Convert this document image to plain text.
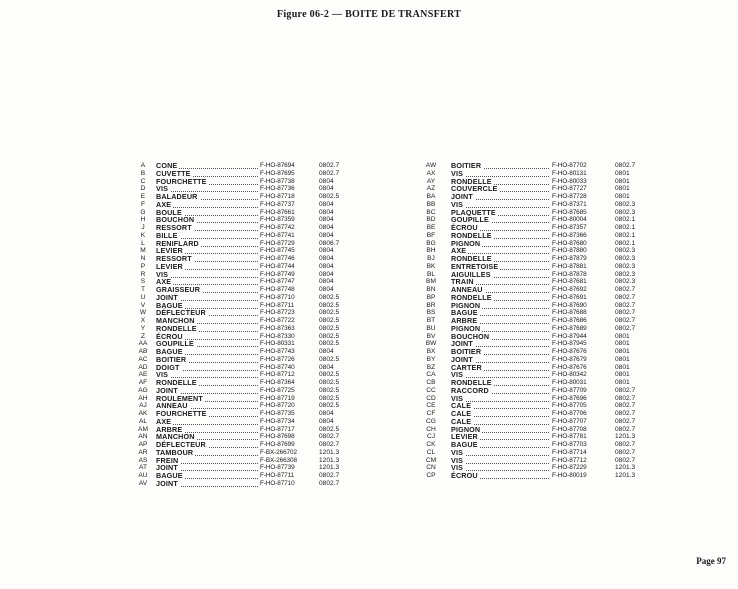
Figure 06-2 — BOITE DE TRANSFERT
A	CONE	F-HO-87694	0802.7
B	CUVETTE	F-HO-87695	0802.7
C	FOURCHETTE	F-HO-87738	0804
D	VIS	F-HO-87736	0804
E	BALADEUR	F-HO-87718	0802.5
F	AXE	F-HO-87737	0804
G	BOULE	F-HO-87661	0804
H	BOUCHON	F-HO-87359	0804
J	RESSORT	F-HO-87742	0804
K	BILLE	F-HO-87741	0804
L	RENIFLARD	F-HO-87729	0806.7
M	LEVIER	F-HO-87745	0804
N	RESSORT	F-HO-87746	0804
P	LEVIER	F-HO-87744	0804
R	VIS	F-HO-87749	0804
S	AXE	F-HO-87747	0804
T	GRAISSEUR	F-HO-87748	0804
U	JOINT	F-HO-87710	0802.5
V	BAGUE	F-HO-87711	0802.5
W	DÉFLECTEUR	F-HO-87723	0802.5
X	MANCHON	F-HO-87722	0802.5
Y	RONDELLE	F-HO-87363	0802.5
Z	ÉCROU	F-HO-87330	0802.5
AA	GOUPILLE	F-HO-80331	0802.5
AB	BAGUE	F-HO-87743	0804
AC	BOITIER	F-HO-87726	0802.5
AD	DOIGT	F-HO-87740	0804
AE	VIS	F-HO-87712	0802.5
AF	RONDELLE	F-HO-87364	0802.5
AG	JOINT	F-HO-87725	0802.5
AH	ROULEMENT	F-HO-87719	0802.5
AJ	ANNEAU	F-HO-87720	0802.5
AK	FOURCHETTE	F-HO-87735	0804
AL	AXE	F-HO-87734	0804
AM ARBRE	F-HO-87717	0802.5
AN	MANCHON	F-HO-87698	0802.7
AP	DÉFLECTEUR	F-HO-87699	0802.7
AR	TAMBOUR	F-BX-266702	1201.3
AS	FREIN	F-BX-266308	1201.3
AT	JOINT	F-HO-87739	1201.3
AU	BAGUE	F-HO-87711	0802.7
AV	JOINT	F-HO-87710	0802.7
AW BOITIER	F-HO-87702	0802.7
AX	VIS	F-HO-80131	0801
AY	RONDELLE	F-HO-80033	0801
AZ	COUVERCLE	F-HO-87727	0801
BA	JOINT	F-HO-87728	0801
BB	VIS	F-HO-87371	0802.3
BC	PLAQUETTE	F-HO-87685	0802.3
BD	GOUPILLE	F-HO-80004	0802.1
BE	ÉCROU	F-HO-87357	0802.1
BF	RONDELLE	F-HO-87366	0802.1
BG	PIGNON	F-HO-87680	0802.1
BH	AXE	F-HO-87880	0802.3
BJ	RONDELLE	F-HO-87879	0802.3
BK	ENTRETOISE	F-HO-87881	0802.3
BL	AIGUILLES	F-HO-87878	0802.3
BM TRAIN	F-HO-87681	0802.3
BN	ANNEAU	F-HO-87692	0802.7
BP	RONDELLE	F-HO-87691	0802.7
BR	PIGNON	F-HO-87690	0802.7
BS	BAGUE	F-HO-87688	0802.7
BT	ARBRE	F-HO-87686	0802.7
BU	PIGNON	F-HO-87689	0802.7
BV	BOUCHON	F-HO-87944	0801
BW JOINT	F-HO-87945	0801
BX	BOITIER	F-HO-87676	0801
BY	JOINT	F-HO-87679	0801
BZ	CARTER	F-HO-87676	0801
CA	VIS	F-HO-80342	0801
CB	RONDELLE	F-HO-80031	0801
CC	RACCORD	F-HO-87709	0802.7
CD	VIS	F-HO-87696	0802.7
CE	CALE	F-HO-87705	0802.7
CF	CALE	F-HO-87706	0802.7
CG CALE	F-HO-87707	0802.7
CH	PIGNON	F-HO-87708	0802.7
CJ	LEVIER	F-HO-87781	1201.3
CK	BAGUE	F-HO-87703	0802.7
CL	VIS	F-HO-87714	0802.7
CM VIS	F-HO-87712	0802.7
CN	VIS	F-HO-87229	1201.3
CP	ÉCROU	F-HO-80019	1201.3
Page 97
